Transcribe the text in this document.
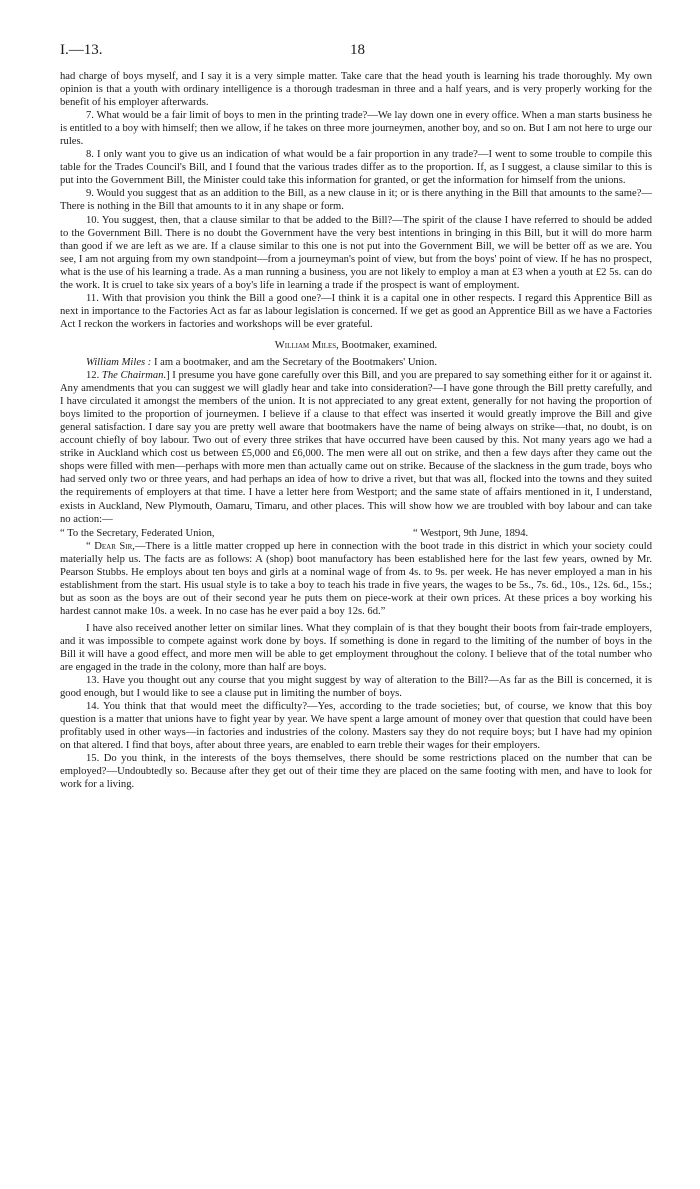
I.—13.	18

had charge of boys myself, and I say it is a very simple matter. Take care that the head youth is learning his trade thoroughly. My own opinion is that a youth with ordinary intelligence is a thorough tradesman in three and a half years, and is very properly working for the benefit of his employer afterwards.

7. What would be a fair limit of boys to men in the printing trade?—We lay down one in every office. When a man starts business he is entitled to a boy with himself; then we allow, if he takes on three more journeymen, another boy, and so on. But I am not here to urge our rules.

8. I only want you to give us an indication of what would be a fair proportion in any trade?—I went to some trouble to compile this table for the Trades Council's Bill, and I found that the various trades differ as to the proportion. If, as I suggest, a clause similar to this is put into the Government Bill, the Minister could take this information for granted, or get the information for himself from the unions.

9. Would you suggest that as an addition to the Bill, as a new clause in it; or is there anything in the Bill that amounts to the same?—There is nothing in the Bill that amounts to it in any shape or form.

10. You suggest, then, that a clause similar to that be added to the Bill?—The spirit of the clause I have referred to should be added to the Government Bill. There is no doubt the Government have the very best intentions in bringing in this Bill, but it will do more harm than good if we are left as we are. If a clause similar to this one is not put into the Government Bill, we will be better off as we are. You see, I am not arguing from my own standpoint—from a journeyman's point of view, but from the boys' point of view. If he has no prospect, what is the use of his learning a trade. As a man running a business, you are not likely to employ a man at £3 when a youth at £2 5s. can do the work. It is cruel to take six years of a boy's life in learning a trade if the prospect is want of employment.

11. With that provision you think the Bill a good one?—I think it is a capital one in other respects. I regard this Apprentice Bill as next in importance to the Factories Act as far as labour legislation is concerned. If we get as good an Apprentice Bill as we have a Factories Act I reckon the workers in factories and workshops will be ever grateful.

William Miles, Bootmaker, examined.

William Miles : I am a bootmaker, and am the Secretary of the Bootmakers' Union.

12. The Chairman.] I presume you have gone carefully over this Bill, and you are prepared to say something either for it or against it. Any amendments that you can suggest we will gladly hear and take into consideration?—I have gone through the Bill pretty carefully, and I have circulated it amongst the members of the union. It is not appreciated to any great extent, generally for not having the proportion of boys limited to the proportion of journeymen. I believe if a clause to that effect was inserted it would greatly improve the Bill and give general satisfaction. I dare say you are pretty well aware that bootmakers have the name of being always on strike—that, no doubt, is on account chiefly of boy labour. Two out of every three strikes that have occurred have been caused by this. Not many years ago we had a strike in Auckland which cost us between £5,000 and £6,000. The men were all out on strike, and then a few days after they came out the shops were filled with men—perhaps with more men than actually came out on strike. Because of the slackness in the gum trade, boys who had served only two or three years, and had perhaps an idea of how to drive a rivet, but that was all, flocked into the towns and they suited the requirements of employers at that time. I have a letter here from Westport; and the same state of affairs mentioned in it, I understand, exists in Auckland, New Plymouth, Oamaru, Timaru, and other places. This will show how we are troubled with boy labour and can take no action:—

“ To the Secretary, Federated Union,	“ Westport, 9th June, 1894.

“ Dear Sir,—There is a little matter cropped up here in connection with the boot trade in this district in which your society could materially help us. The facts are as follows: A (shop) boot manufactory has been established here for the last few years, owned by Mr. Pearson Stubbs. He employs about ten boys and girls at a nominal wage of from 4s. to 9s. per week. He has never employed a man in his establishment from the start. His usual style is to take a boy to teach his trade in five years, the wages to be 5s., 7s. 6d., 10s., 12s. 6d., 15s.; but as soon as the boys are out of their second year he puts them on piece-work at their own prices. At these prices a boy working his hardest cannot make 10s. a week. In no case has he ever paid a boy 12s. 6d.”

I have also received another letter on similar lines. What they complain of is that they bought their boots from fair-trade employers, and it was impossible to compete against work done by boys. If something is done in regard to the limiting of the number of boys in the Bill it will have a good effect, and more men will be able to get employment throughout the colony. I believe that of the total number who are engaged in the trade in the colony, more than half are boys.

13. Have you thought out any course that you might suggest by way of alteration to the Bill?—As far as the Bill is concerned, it is good enough, but I would like to see a clause put in limiting the number of boys.

14. You think that that would meet the difficulty?—Yes, according to the trade societies; but, of course, we know that this boy question is a matter that unions have to fight year by year. We have spent a large amount of money over that question that could have been profitably used in other ways—in factories and industries of the colony. Masters say they do not require boys; but I have had my opinion on that altered. I find that boys, after about three years, are enabled to earn treble their wages for their employers.

15. Do you think, in the interests of the boys themselves, there should be some restrictions placed on the number that can be employed?—Undoubtedly so. Because after they get out of their time they are placed on the same footing with men, and have to look for work for a living.
